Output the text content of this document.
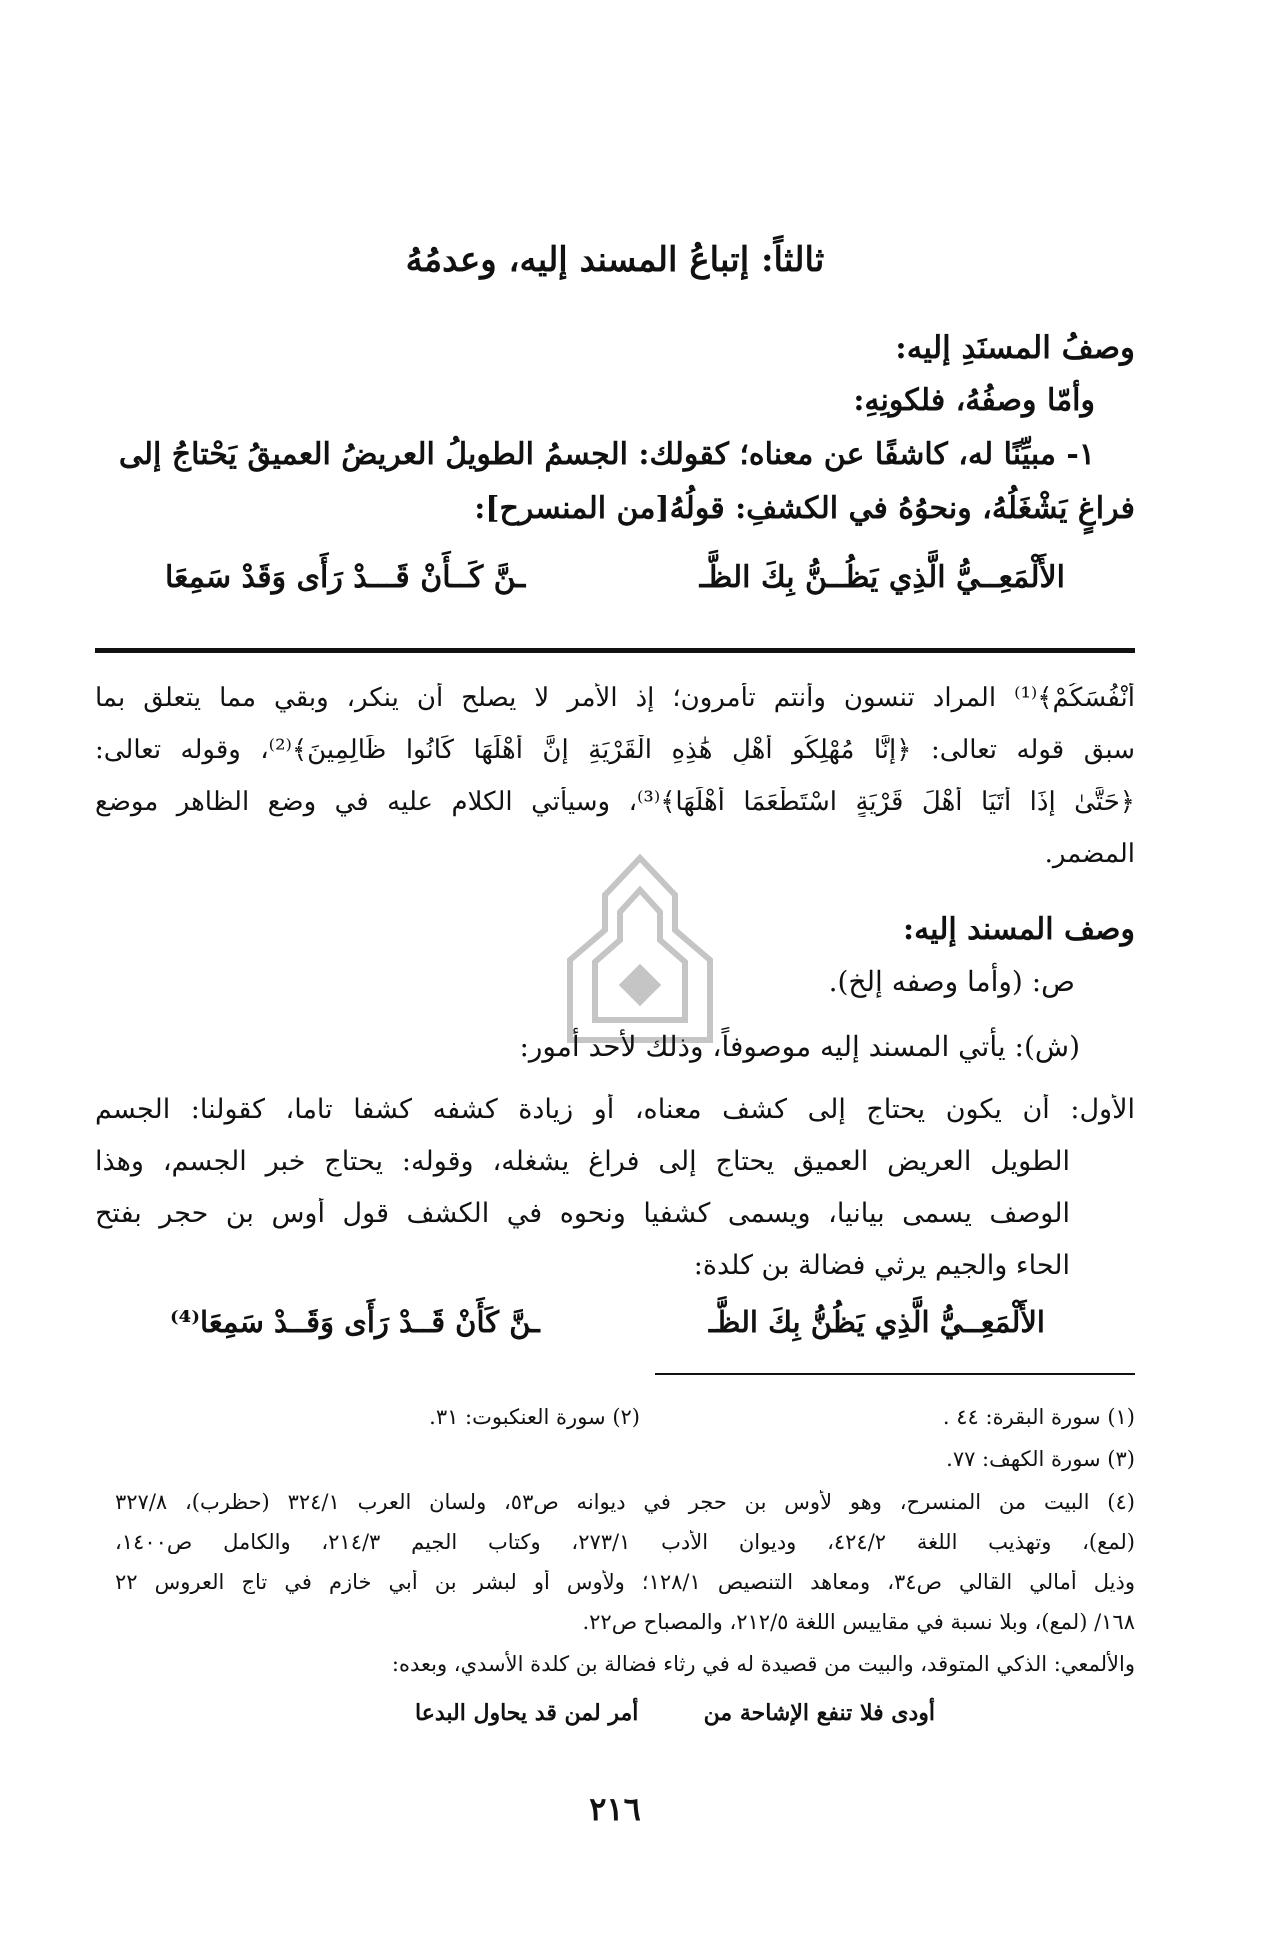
ثالثاً: إتباعُ المسند إليه، وعدمُهُ
وصفُ المسنَدِ إليه:
وأمّا وصفُهُ، فلكونِهِ:
١- مبيِّنًا له، كاشفًا عن معناه؛ كقولك: الجسمُ الطويلُ العريضُ العميقُ يَحْتاجُ إلى
فراغٍ يَشْغَلُهُ، ونحوُهُ في الكشفِ: قولُهُ[من المنسرح]:
الأَلْمَعِــيُّ الَّذِي يَظُــنُّ بِكَ الظَّـ
ـنَّ كَــأَنْ قَـــدْ رَأَى وَقَدْ سَمِعَا
أَنْفُسَكُمْ﴾⁽¹⁾ المراد تنسون وأنتم تأمرون؛ إذ الأمر لا يصلح أن ينكر، وبقي مما يتعلق بما
سبق قوله تعالى: ﴿إِنَّا مُهْلِكُو أَهْلِ هَٰذِهِ الْقَرْيَةِ إِنَّ أَهْلَهَا كَانُوا ظَالِمِينَ﴾⁽²⁾، وقوله تعالى:
﴿حَتَّىٰ إِذَا أَتَيَا أَهْلَ قَرْيَةٍ اسْتَطْعَمَا أَهْلَهَا﴾⁽³⁾، وسيأتي الكلام عليه في وضع الظاهر موضع
المضمر.
وصف المسند إليه:
ص: (وأما وصفه إلخ).
(ش): يأتي المسند إليه موصوفاً، وذلك لأحد أمور:
الأول: أن يكون يحتاج إلى كشف معناه، أو زيادة كشفه كشفا تاما، كقولنا: الجسم
الطويل العريض العميق يحتاج إلى فراغ يشغله، وقوله: يحتاج خبر الجسم، وهذا
الوصف يسمى بيانيا، ويسمى كشفيا ونحوه في الكشف قول أوس بن حجر بفتح
الحاء والجيم يرثي فضالة بن كلدة:
الأَلْمَعِــيُّ الَّذِي يَظُنُّ بِكَ الظَّـ
ـنَّ كَأَنْ قَــدْ رَأَى وَقَــدْ سَمِعَا⁽⁴⁾
(١) سورة البقرة: ٤٤ .
(٢) سورة العنكبوت: ٣١.
(٣) سورة الكهف: ٧٧.
(٤) البيت من المنسرح، وهو لأوس بن حجر في ديوانه ص٥٣، ولسان العرب ٣٢٤/١ (حظرب)، ٣٢٧/٨
(لمع)، وتهذيب اللغة ٤٢٤/٢، وديوان الأدب ٢٧٣/١، وكتاب الجيم ٢١٤/٣، والكامل ص١٤٠٠،
وذيل أمالي القالي ص٣٤، ومعاهد التنصيص ١٢٨/١؛ ولأوس أو لبشر بن أبي خازم في تاج العروس ٢٢
١٦٨/ (لمع)، وبلا نسبة في مقاييس اللغة ٢١٢/٥، والمصباح ص٢٢.
والألمعي: الذكي المتوقد، والبيت من قصيدة له في رثاء فضالة بن كلدة الأسدي، وبعده:
أودى فلا تنفع الإشاحة من
أمر لمن قد يحاول البدعا
٢١٦
